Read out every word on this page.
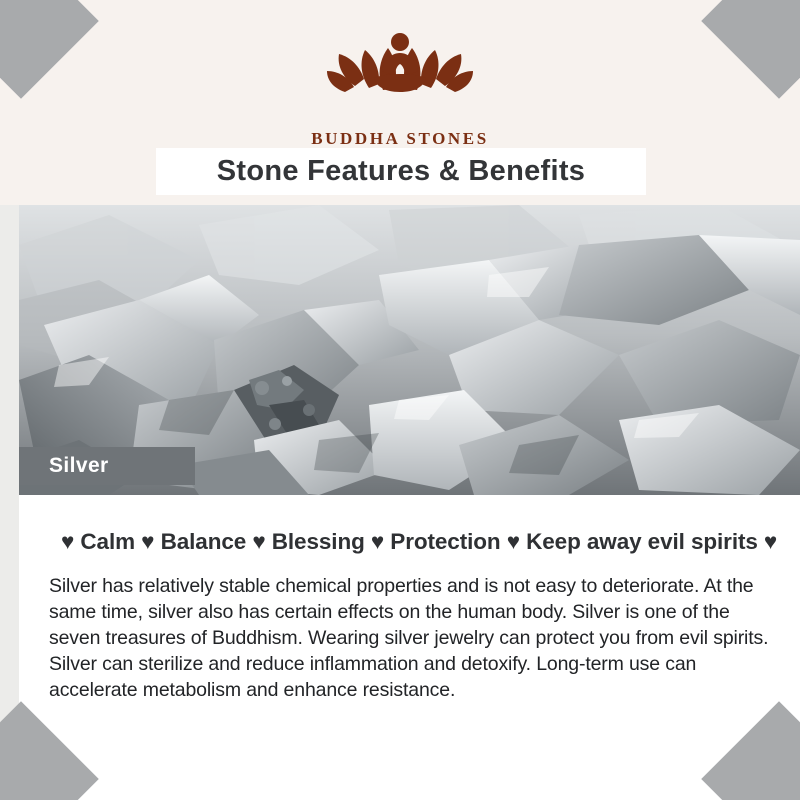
BUDDHA STONES
Stone Features & Benefits
Silver

♥ Calm ♥ Balance ♥ Blessing ♥ Protection ♥ Keep away evil spirits ♥

Silver has relatively stable chemical properties and is not easy to deteriorate. At the same time, silver also has certain effects on the human body. Silver is one of the seven treasures of Buddhism. Wearing silver jewelry can protect you from evil spirits. Silver can sterilize and reduce inflammation and detoxify. Long-term use can accelerate metabolism and enhance resistance.
